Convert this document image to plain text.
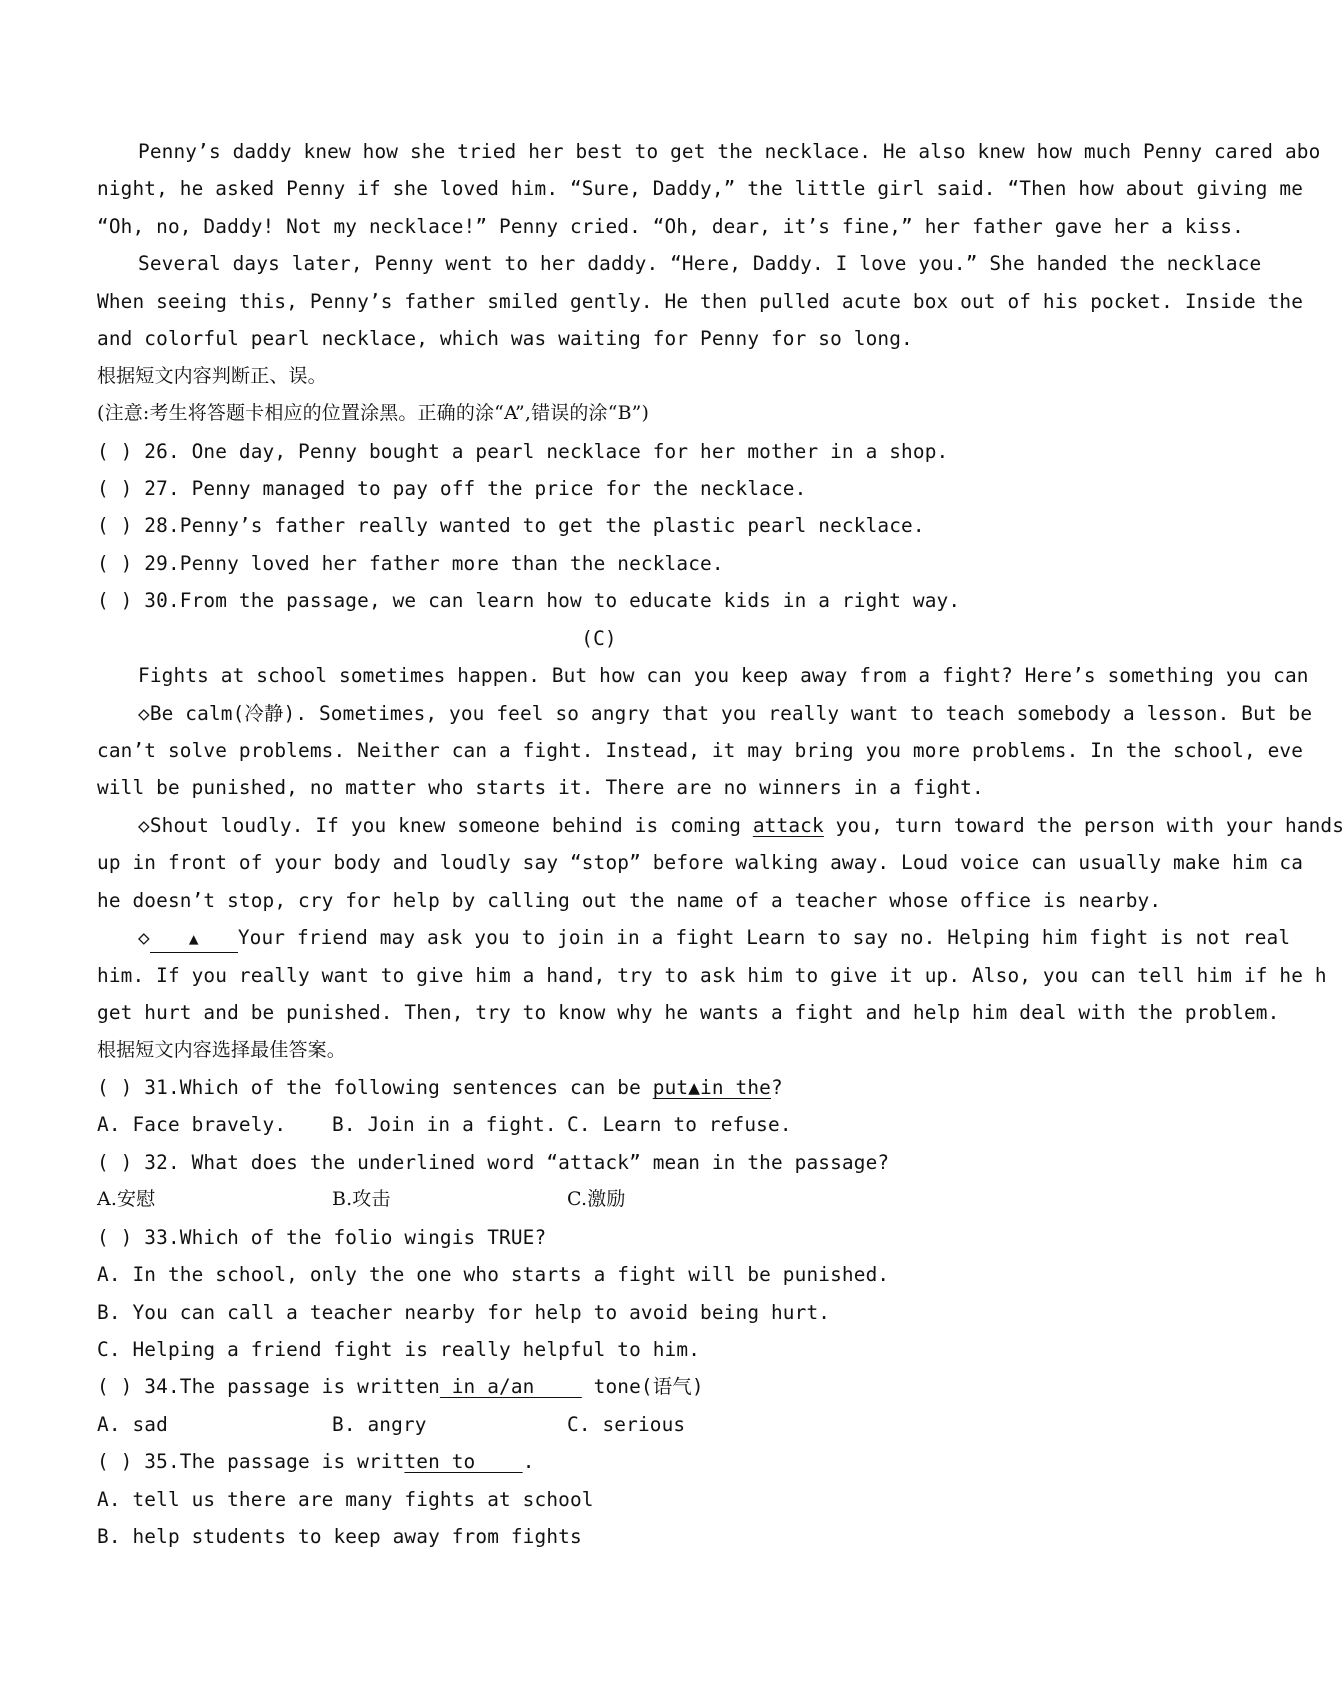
Penny’s daddy knew how she tried her best to get the necklace. He also knew how much Penny cared abo
night, he asked Penny if she loved him. “Sure, Daddy,” the little girl said. “Then how about giving me
“Oh, no, Daddy! Not my necklace!” Penny cried. “Oh, dear, it’s fine,” her father gave her a kiss.
Several days later, Penny went to her daddy. “Here, Daddy. I love you.” She handed the necklace
When seeing this, Penny’s father smiled gently. He then pulled acute box out of his pocket. Inside the
and colorful pearl necklace, which was waiting for Penny for so long.
根据短文内容判断正、误。
(注意:考生将答题卡相应的位置涂黑。正确的涂“A”,错误的涂“B”)
( ) 26. One day, Penny bought a pearl necklace for her mother in a shop.
( ) 27. Penny managed to pay off the price for the necklace.
( ) 28.Penny’s father really wanted to get the plastic pearl necklace.
( ) 29.Penny loved her father more than the necklace.
( ) 30.From the passage, we can learn how to educate kids in a right way.
(C)
Fights at school sometimes happen. But how can you keep away from a fight? Here’s something you can
◇Be calm(冷静). Sometimes, you feel so angry that you really want to teach somebody a lesson. But be
can’t solve problems. Neither can a fight. Instead, it may bring you more problems. In the school, eve
will be punished, no matter who starts it. There are no winners in a fight.
◇Shout loudly. If you knew someone behind is coming attack you, turn toward the person with your hands
up in front of your body and loudly say “stop” before walking away. Loud voice can usually make him ca
he doesn’t stop, cry for help by calling out the name of a teacher whose office is nearby.
◇ ▲ Your friend may ask you to join in a fight Learn to say no. Helping him fight is not real
him. If you really want to give him a hand, try to ask him to give it up. Also, you can tell him if he h
get hurt and be punished. Then, try to know why he wants a fight and help him deal with the problem.
根据短文内容选择最佳答案。
( ) 31.Which of the following sentences can be put▲in the?
A. Face bravely. B. Join in a fight. C. Learn to refuse.
( ) 32. What does the underlined word “attack” mean in the passage?
A.安慰	B.攻击	C.激励
( ) 33.Which of the folio wingis TRUE?
A. In the school, only the one who starts a fight will be punished.
B. You can call a teacher nearby for help to avoid being hurt.
C. Helping a friend fight is really helpful to him.
( ) 34.The passage is written in a/an     tone(语气)
A. sad	B. angry	C. serious
( ) 35.The passage is written to    .
A. tell us there are many fights at school
B. help students to keep away from fights
